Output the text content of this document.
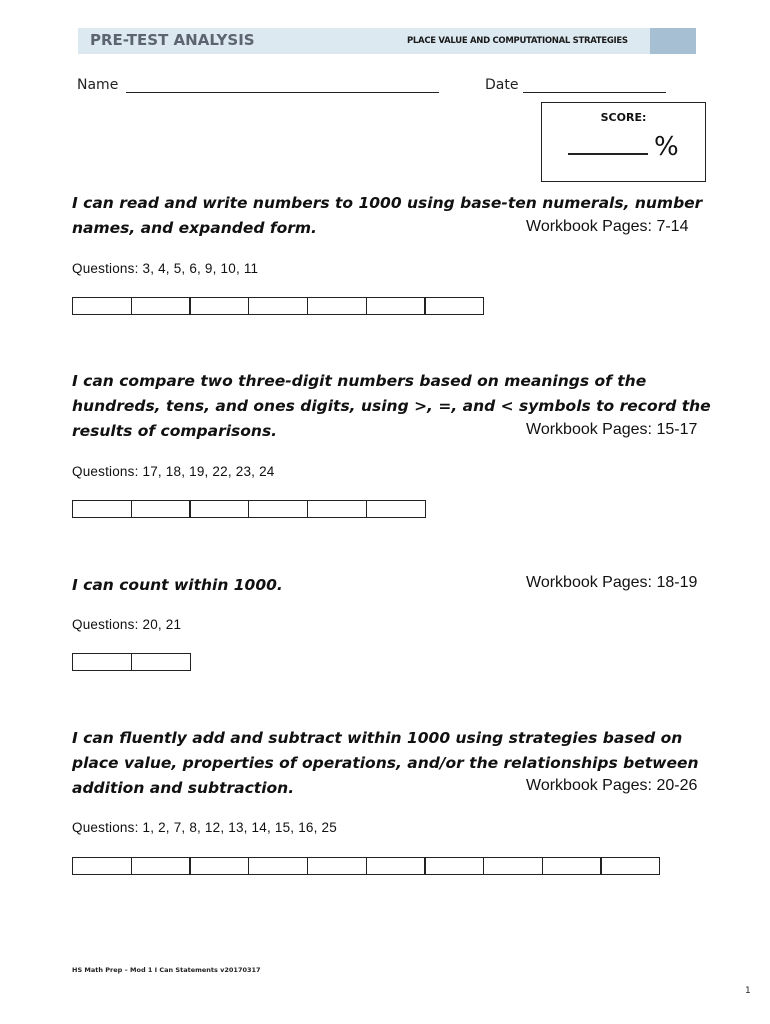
PRE-TEST ANALYSIS	PLACE VALUE AND COMPUTATIONAL STRATEGIES
Name	Date
SCORE:
%
I can read and write numbers to 1000 using base-ten numerals, number
names, and expanded form.	Workbook Pages: 7-14
Questions: 3, 4, 5, 6, 9, 10, 11
I can compare two three-digit numbers based on meanings of the
hundreds, tens, and ones digits, using >, =, and < symbols to record the
results of comparisons.	Workbook Pages: 15-17
Questions: 17, 18, 19, 22, 23, 24
I can count within 1000.	Workbook Pages: 18-19
Questions: 20, 21
I can fluently add and subtract within 1000 using strategies based on
place value, properties of operations, and/or the relationships between
addition and subtraction.	Workbook Pages: 20-26
Questions: 1, 2, 7, 8, 12, 13, 14, 15, 16, 25
HS Math Prep – Mod 1 I Can Statements v20170317
1
